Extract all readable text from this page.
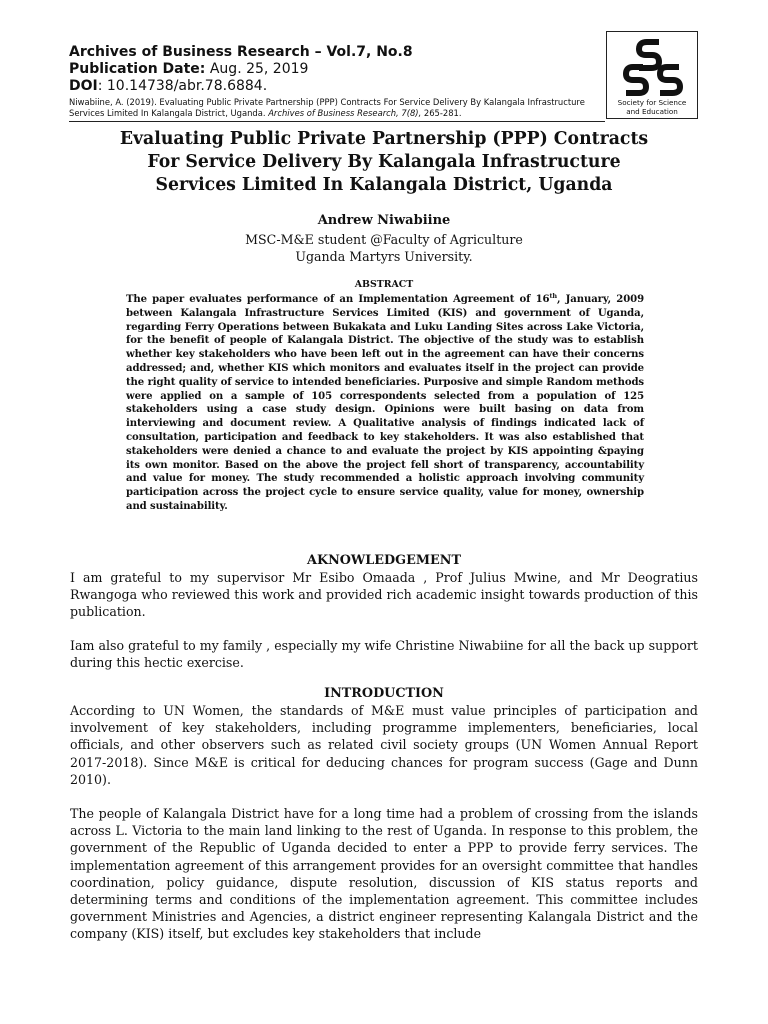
Archives of Business Research – Vol.7, No.8
Publication Date: Aug. 25, 2019
DOI: 10.14738/abr.78.6884.
Niwabiine, A. (2019). Evaluating Public Private Partnership (PPP) Contracts For Service Delivery By Kalangala Infrastructure
Services Limited In Kalangala District, Uganda. Archives of Business Research, 7(8), 265-281.
Society for Science
and Education
Evaluating Public Private Partnership (PPP) Contracts
For Service Delivery By Kalangala Infrastructure
Services Limited In Kalangala District, Uganda
Andrew Niwabiine
MSC-M&E student @Faculty of Agriculture
Uganda Martyrs University.
ABSTRACT
The paper evaluates performance of an Implementation Agreement of 16th, January, 2009 between Kalangala Infrastructure Services Limited (KIS) and government of Uganda, regarding Ferry Operations between Bukakata and Luku Landing Sites across Lake Victoria, for the benefit of people of Kalangala District. The objective of the study was to establish whether key stakeholders who have been left out in the agreement can have their concerns addressed; and, whether KIS which monitors and evaluates itself in the project can provide the right quality of service to intended beneficiaries. Purposive and simple Random methods were applied on a sample of 105 correspondents selected from a population of 125 stakeholders using a case study design. Opinions were built basing on data from interviewing and document review. A Qualitative analysis of findings indicated lack of consultation, participation and feedback to key stakeholders. It was also established that stakeholders were denied a chance to and evaluate the project by KIS appointing &paying its own monitor. Based on the above the project fell short of transparency, accountability and value for money. The study recommended a holistic approach involving community participation across the project cycle to ensure service quality, value for money, ownership and sustainability.
AKNOWLEDGEMENT
I am grateful to my supervisor Mr Esibo Omaada , Prof Julius Mwine, and Mr Deogratius Rwangoga who reviewed this work and provided rich academic insight towards production of this publication.
Iam also grateful to my family , especially my wife Christine Niwabiine for all the back up support during this hectic exercise.
INTRODUCTION
According to UN Women, the standards of M&E must value principles of participation and involvement of key stakeholders, including programme implementers, beneficiaries, local officials, and other observers such as related civil society groups (UN Women Annual Report 2017-2018). Since M&E is critical for deducing chances for program success (Gage and Dunn 2010).
The people of Kalangala District have for a long time had a problem of crossing from the islands across L. Victoria to the main land linking to the rest of Uganda. In response to this problem, the government of the Republic of Uganda decided to enter a PPP to provide ferry services. The implementation agreement of this arrangement provides for an oversight committee that handles coordination, policy guidance, dispute resolution, discussion of KIS status reports and determining terms and conditions of the implementation agreement. This committee includes government Ministries and Agencies, a district engineer representing Kalangala District and the company (KIS) itself, but excludes key stakeholders that include
